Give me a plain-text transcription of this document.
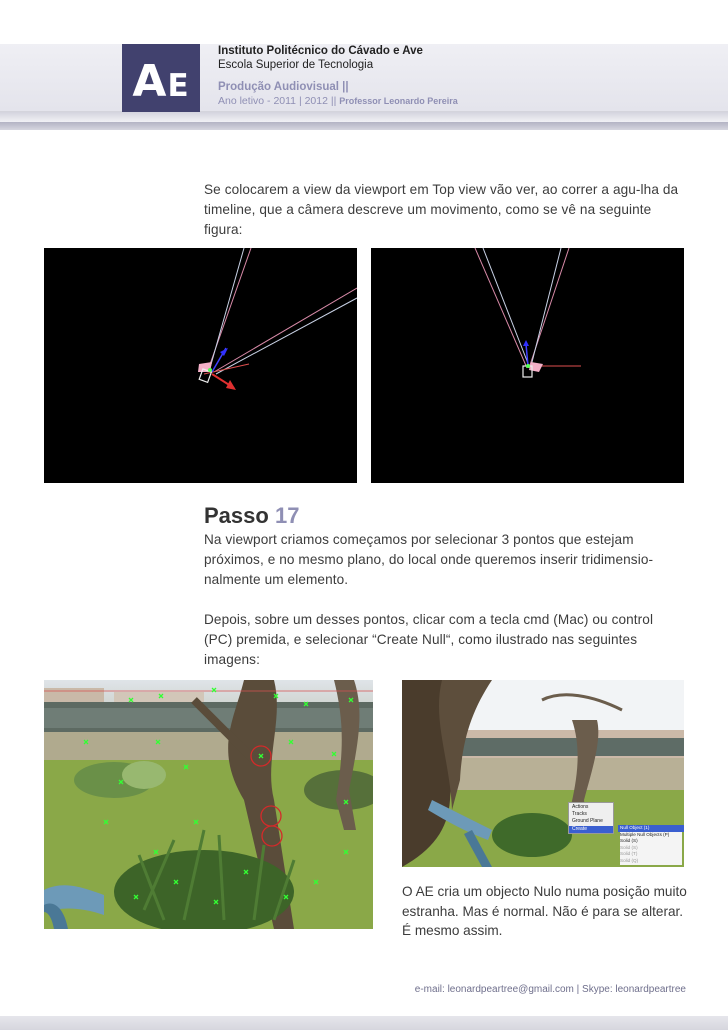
A E
Instituto Politécnico do Cávado e Ave
Escola Superior de Tecnologia
Produção Audiovisual ||
Ano letivo - 2011 | 2012 || Professor Leonardo Pereira
Se colocarem a view da viewport em Top view vão ver, ao correr a agu-lha da timeline, que a câmera descreve um movimento, como se vê na seguinte figura:
Passo 17
Na viewport criamos começamos por selecionar 3 pontos que estejam próximos, e no mesmo plano, do local onde queremos inserir tridimensio-nalmente um elemento.
Depois, sobre um desses pontos, clicar com a tecla cmd (Mac) ou control (PC) premida, e selecionar “Create Null“, como ilustrado nas seguintes imagens:
Actions
Tracks
Ground Plane
Create	Null Object (1)
Multiple Null Objects (P)
Solid (S)
Solid (S)
Solid (T)
Solid (Q)
O AE cria um objecto Nulo numa posição muito estranha. Mas é normal. Não é para se alterar. É mesmo assim.
e-mail: leonardpeartree@gmail.com | Skype: leonardpeartree
